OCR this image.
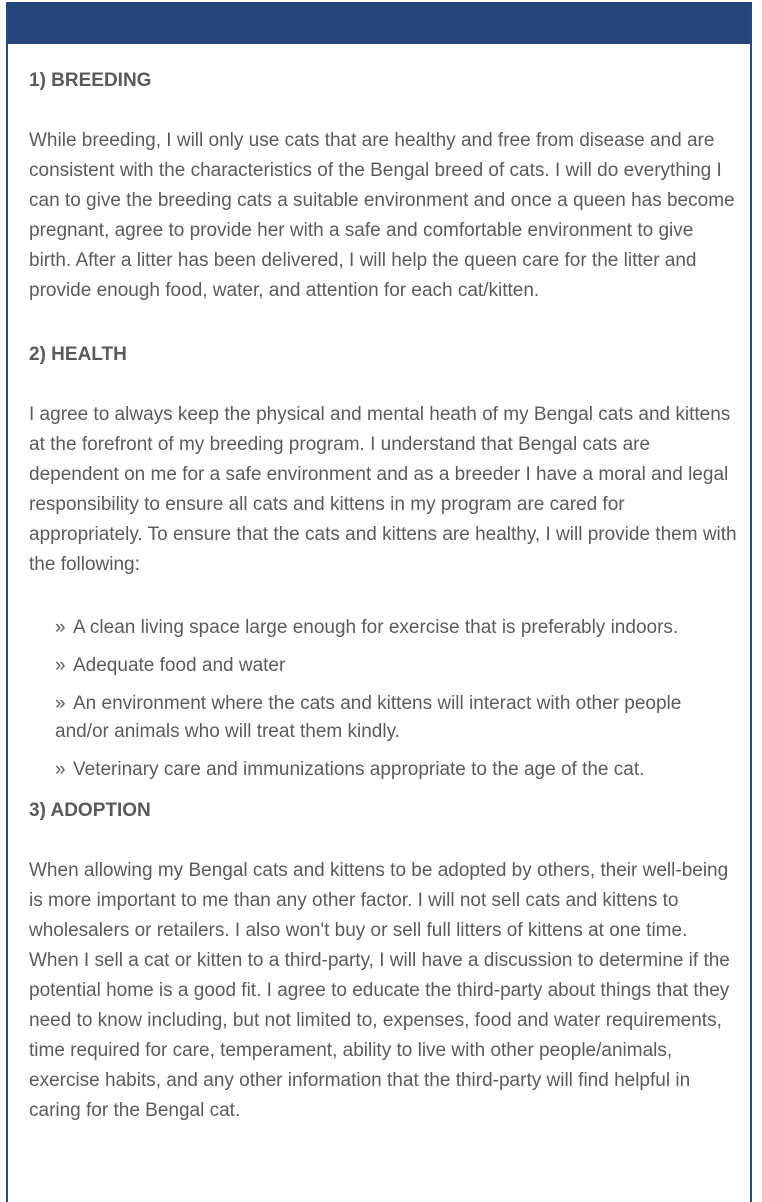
1) BREEDING

While breeding, I will only use cats that are healthy and free from disease and are consistent with the characteristics of the Bengal breed of cats. I will do everything I can to give the breeding cats a suitable environment and once a queen has become pregnant, agree to provide her with a safe and comfortable environment to give birth. After a litter has been delivered, I will help the queen care for the litter and provide enough food, water, and attention for each cat/kitten.

2) HEALTH

I agree to always keep the physical and mental heath of my Bengal cats and kittens at the forefront of my breeding program. I understand that Bengal cats are dependent on me for a safe environment and as a breeder I have a moral and legal responsibility to ensure all cats and kittens in my program are cared for appropriately. To ensure that the cats and kittens are healthy, I will provide them with the following:

» A clean living space large enough for exercise that is preferably indoors.
» Adequate food and water
» An environment where the cats and kittens will interact with other people and/or animals who will treat them kindly.
» Veterinary care and immunizations appropriate to the age of the cat.
3) ADOPTION

When allowing my Bengal cats and kittens to be adopted by others, their well-being is more important to me than any other factor. I will not sell cats and kittens to wholesalers or retailers. I also won't buy or sell full litters of kittens at one time. When I sell a cat or kitten to a third-party, I will have a discussion to determine if the potential home is a good fit. I agree to educate the third-party about things that they need to know including, but not limited to, expenses, food and water requirements, time required for care, temperament, ability to live with other people/animals, exercise habits, and any other information that the third-party will find helpful in caring for the Bengal cat.
